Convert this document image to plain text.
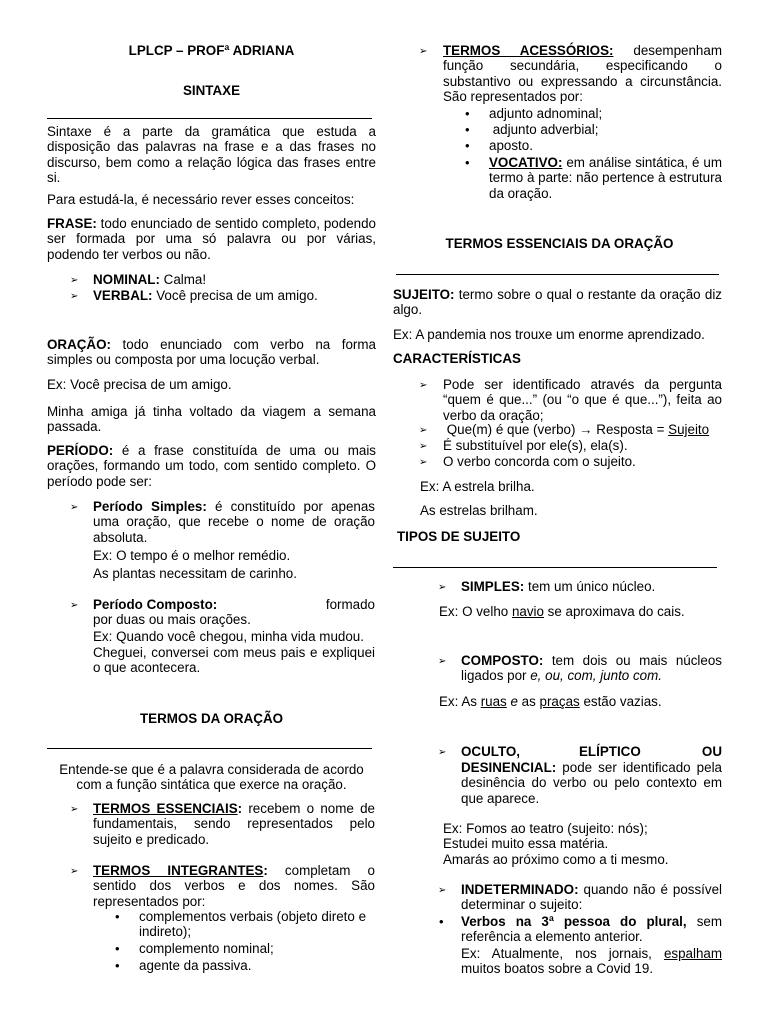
LPLCP – PROFª ADRIANA
SINTAXE
Sintaxe é a parte da gramática que estuda a disposição das palavras na frase e a das frases no discurso, bem como a relação lógica das frases entre si.
Para estudá-la, é necessário rever esses conceitos:
FRASE: todo enunciado de sentido completo, podendo ser formada por uma só palavra ou por várias, podendo ter verbos ou não.
➢ NOMINAL: Calma!
➢ VERBAL: Você precisa de um amigo.
ORAÇÃO: todo enunciado com verbo na forma simples ou composta por uma locução verbal.
Ex: Você precisa de um amigo.
Minha amiga já tinha voltado da viagem a semana passada.
PERÍODO: é a frase constituída de uma ou mais orações, formando um todo, com sentido completo. O período pode ser:
➢ Período Simples: é constituído por apenas uma oração, que recebe o nome de oração absoluta.
Ex: O tempo é o melhor remédio.
As plantas necessitam de carinho.
➢ Período Composto:	formado
por duas ou mais orações.
Ex: Quando você chegou, minha vida mudou.
Cheguei, conversei com meus pais e expliquei o que acontecera.
TERMOS DA ORAÇÃO
Entende-se que é a palavra considerada de acordo com a função sintática que exerce na oração.
➢ TERMOS ESSENCIAIS: recebem o nome de fundamentais, sendo representados pelo sujeito e predicado.
➢ TERMOS INTEGRANTES: completam o sentido dos verbos e dos nomes. São representados por:
• complementos verbais (objeto direto e indireto);
• complemento nominal;
• agente da passiva.
➢ TERMOS ACESSÓRIOS: desempenham função secundária, especificando o substantivo ou expressando a circunstância. São representados por:
• adjunto adnominal;
• adjunto adverbial;
• aposto.
• VOCATIVO: em análise sintática, é um termo à parte: não pertence à estrutura da oração.
TERMOS ESSENCIAIS DA ORAÇÃO
SUJEITO: termo sobre o qual o restante da oração diz algo.
Ex: A pandemia nos trouxe um enorme aprendizado.
CARACTERÍSTICAS
➢ Pode ser identificado através da pergunta “quem é que...” (ou “o que é que...”), feita ao verbo da oração;
➢ Que(m) é que (verbo) → Resposta = Sujeito
➢ É substituível por ele(s), ela(s).
➢ O verbo concorda com o sujeito.
Ex: A estrela brilha.
As estrelas brilham.
TIPOS DE SUJEITO
➢ SIMPLES: tem um único núcleo.
Ex: O velho navio se aproximava do cais.
➢ COMPOSTO: tem dois ou mais núcleos ligados por e, ou, com, junto com.
Ex: As ruas e as praças estão vazias.
➢ OCULTO,	ELÍPTICO	OU
DESINENCIAL: pode ser identificado pela desinência do verbo ou pelo contexto em que aparece.
Ex: Fomos ao teatro (sujeito: nós);
Estudei muito essa matéria.
Amarás ao próximo como a ti mesmo.
➢ INDETERMINADO: quando não é possível determinar o sujeito:
• Verbos na 3ª pessoa do plural, sem referência a elemento anterior.
Ex: Atualmente, nos jornais, espalham muitos boatos sobre a Covid 19.
